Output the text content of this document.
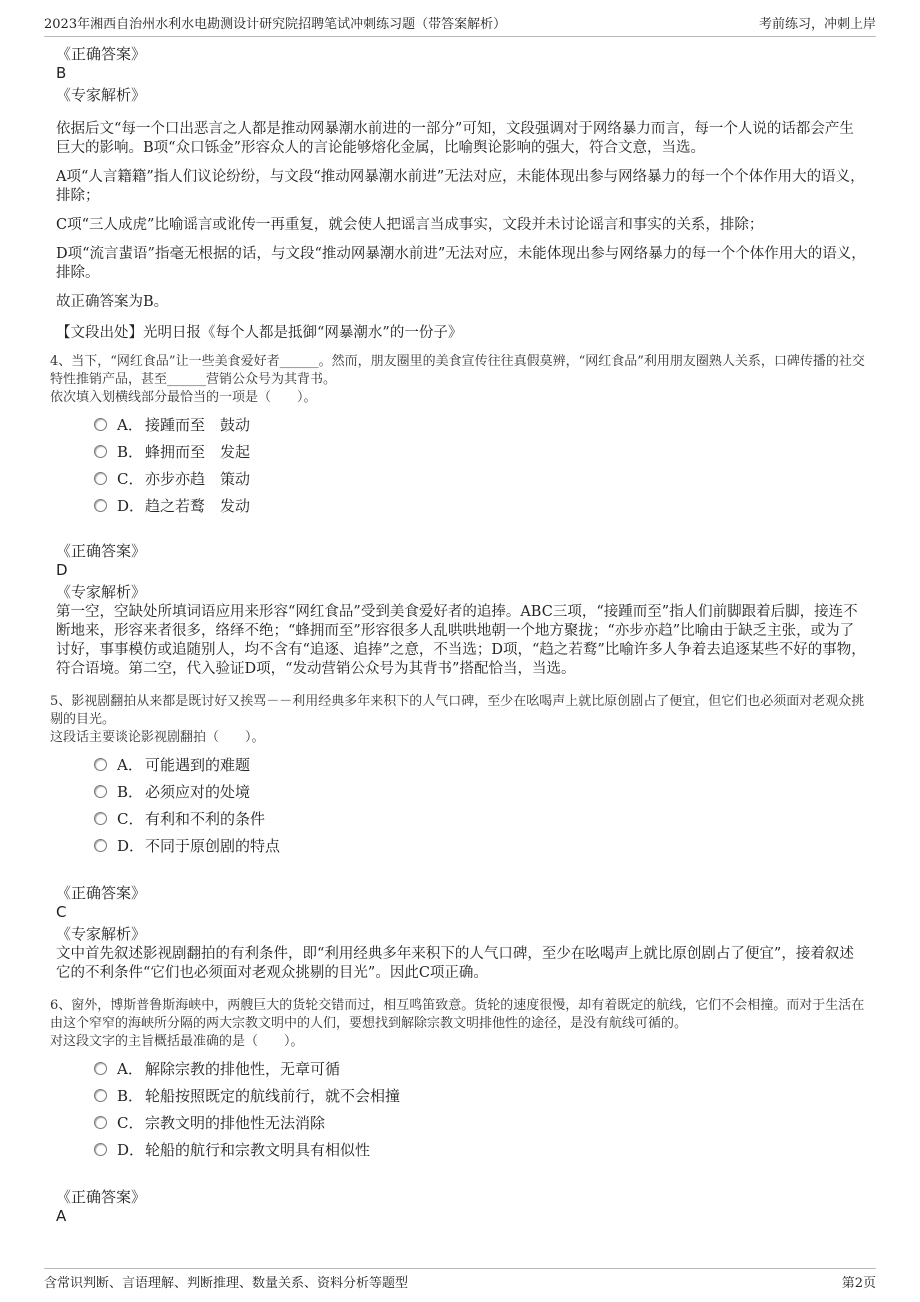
2023年湘西自治州水利水电勘测设计研究院招聘笔试冲刺练习题（带答案解析）	考前练习，冲刺上岸
《正确答案》
B
《专家解析》

依据后文“每一个口出恶言之人都是推动网暴潮水前进的一部分”可知，文段强调对于网络暴力而言，每一个人说的话都会产生巨大的影响。B项“众口铄金”形容众人的言论能够熔化金属，比喻舆论影响的强大，符合文意，当选。

A项“人言籍籍”指人们议论纷纷，与文段“推动网暴潮水前进”无法对应，未能体现出参与网络暴力的每一个个体作用大的语义，排除；

C项“三人成虎”比喻谣言或讹传一再重复，就会使人把谣言当成事实，文段并未讨论谣言和事实的关系，排除；

D项“流言蜚语”指毫无根据的话，与文段“推动网暴潮水前进”无法对应，未能体现出参与网络暴力的每一个个体作用大的语义，排除。

故正确答案为B。

【文段出处】光明日报《每个人都是抵御“网暴潮水”的一份子》

4、当下，“网红食品”让一些美食爱好者______。然而，朋友圈里的美食宣传往往真假莫辨，“网红食品”利用朋友圈熟人关系，口碑传播的社交特性推销产品，甚至______营销公众号为其背书。

依次填入划横线部分最恰当的一项是（　　）。

A． 接踵而至　鼓动
B． 蜂拥而至　发起
C． 亦步亦趋　策动
D． 趋之若鹜　发动
《正确答案》
D
《专家解析》

第一空，空缺处所填词语应用来形容“网红食品”受到美食爱好者的追捧。ABC三项，“接踵而至”指人们前脚跟着后脚，接连不断地来，形容来者很多，络绎不绝；“蜂拥而至”形容很多人乱哄哄地朝一个地方聚拢；“亦步亦趋”比喻由于缺乏主张，或为了讨好，事事模仿或追随别人，均不含有“追逐、追捧”之意，不当选；D项，“趋之若鹜”比喻许多人争着去追逐某些不好的事物，符合语境。第二空，代入验证D项，“发动营销公众号为其背书”搭配恰当，当选。

5、影视剧翻拍从来都是既讨好又挨骂－－利用经典多年来积下的人气口碑，至少在吆喝声上就比原创剧占了便宜，但它们也必须面对老观众挑剔的目光。

这段话主要谈论影视剧翻拍（　　）。

A． 可能遇到的难题
B． 必须应对的处境
C． 有利和不利的条件
D． 不同于原创剧的特点
《正确答案》
C
《专家解析》

文中首先叙述影视剧翻拍的有利条件，即“利用经典多年来积下的人气口碑，至少在吆喝声上就比原创剧占了便宜”，接着叙述它的不利条件“它们也必须面对老观众挑剔的目光”。因此C项正确。

6、窗外，博斯普鲁斯海峡中，两艘巨大的货轮交错而过，相互鸣笛致意。货轮的速度很慢，却有着既定的航线，它们不会相撞。而对于生活在由这个窄窄的海峡所分隔的两大宗教文明中的人们，要想找到解除宗教文明排他性的途径，是没有航线可循的。

对这段文字的主旨概括最准确的是（　　）。

A． 解除宗教的排他性，无章可循
B． 轮船按照既定的航线前行，就不会相撞
C． 宗教文明的排他性无法消除
D． 轮船的航行和宗教文明具有相似性
《正确答案》
A
含常识判断、言语理解、判断推理、数量关系、资料分析等题型	第2页
